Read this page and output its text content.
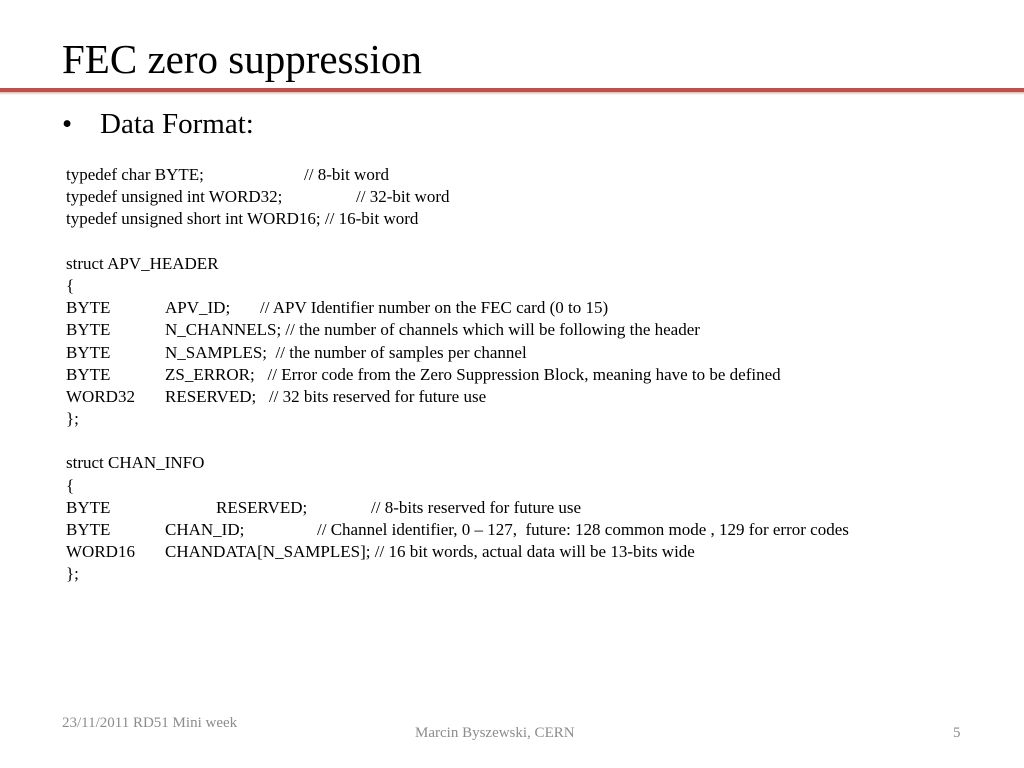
FEC zero suppression
• Data Format:
typedef char BYTE;	// 8-bit word
typedef unsigned int WORD32;	// 32-bit word
typedef unsigned short int WORD16; // 16-bit word
struct APV_HEADER
{
BYTE	APV_ID; // APV Identifier number on the FEC card (0 to 15)
BYTE	N_CHANNELS; // the number of channels which will be following the header
BYTE	N_SAMPLES; // the number of samples per channel
BYTE	ZS_ERROR; // Error code from the Zero Suppression Block, meaning have to be defined
WORD32 RESERVED; // 32 bits reserved for future use
};
struct CHAN_INFO
{
BYTE	RESERVED;	// 8-bits reserved for future use
BYTE	CHAN_ID;	// Channel identifier, 0 – 127,  future: 128 common mode , 129 for error codes
WORD16 CHANDATA[N_SAMPLES]; // 16 bit words, actual data will be 13-bits wide
};
23/11/2011 RD51 Mini week
Marcin Byszewski, CERN	5
